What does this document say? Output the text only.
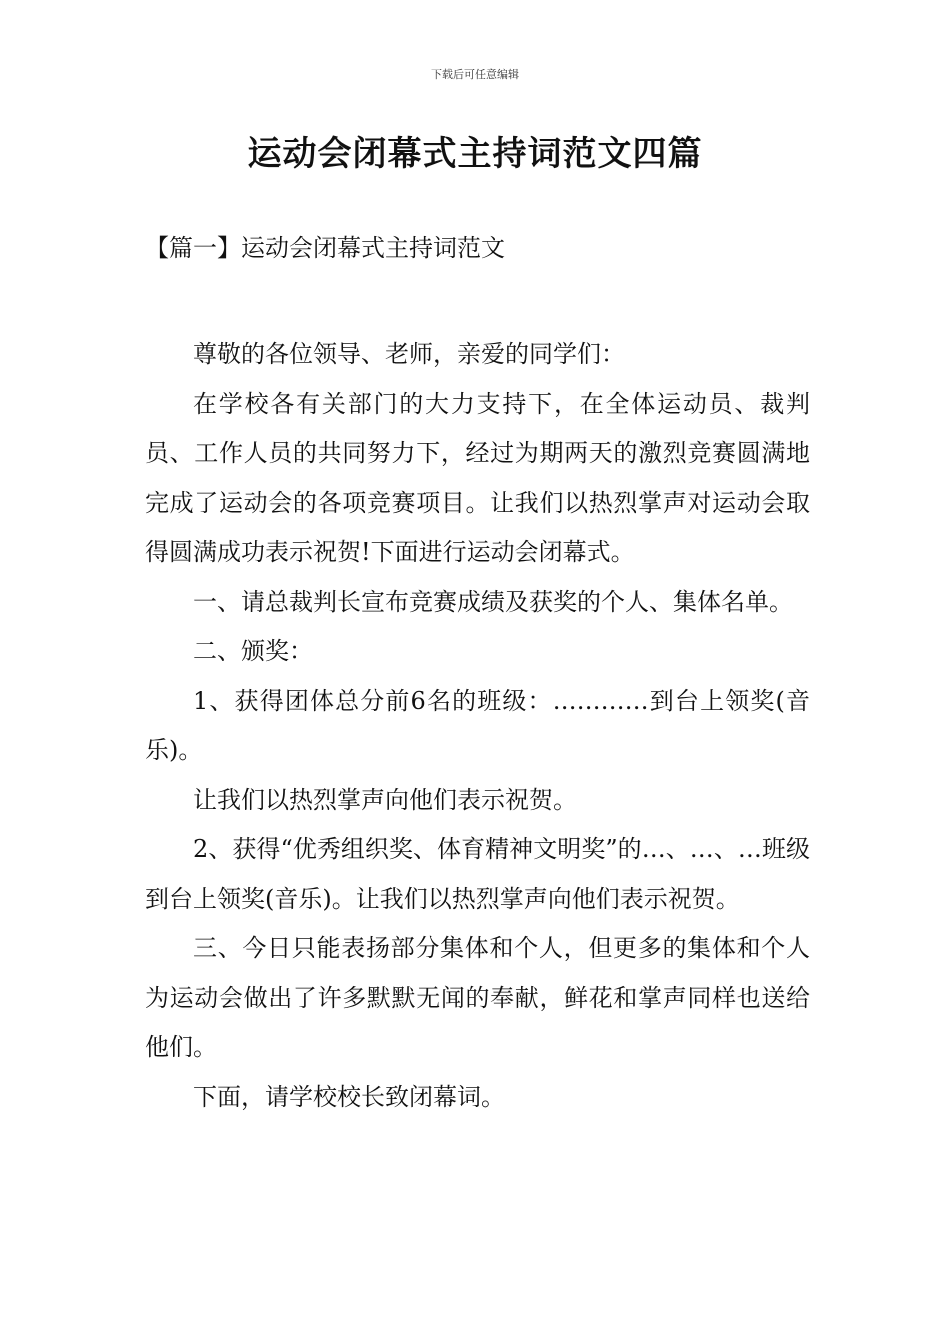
下载后可任意编辑
运动会闭幕式主持词范文四篇
【篇一】运动会闭幕式主持词范文

尊敬的各位领导、老师，亲爱的同学们：

在学校各有关部门的大力支持下，在全体运动员、裁判员、工作人员的共同努力下，经过为期两天的激烈竞赛圆满地完成了运动会的各项竞赛项目。让我们以热烈掌声对运动会取得圆满成功表示祝贺!下面进行运动会闭幕式。

一、请总裁判长宣布竞赛成绩及获奖的个人、集体名单。

二、颁奖：

1、获得团体总分前6名的班级：…………到台上领奖(音乐)。

让我们以热烈掌声向他们表示祝贺。

2、获得“优秀组织奖、体育精神文明奖”的…、…、…班级到台上领奖(音乐)。让我们以热烈掌声向他们表示祝贺。

三、今日只能表扬部分集体和个人，但更多的集体和个人为运动会做出了许多默默无闻的奉献，鲜花和掌声同样也送给他们。

下面，请学校校长致闭幕词。
